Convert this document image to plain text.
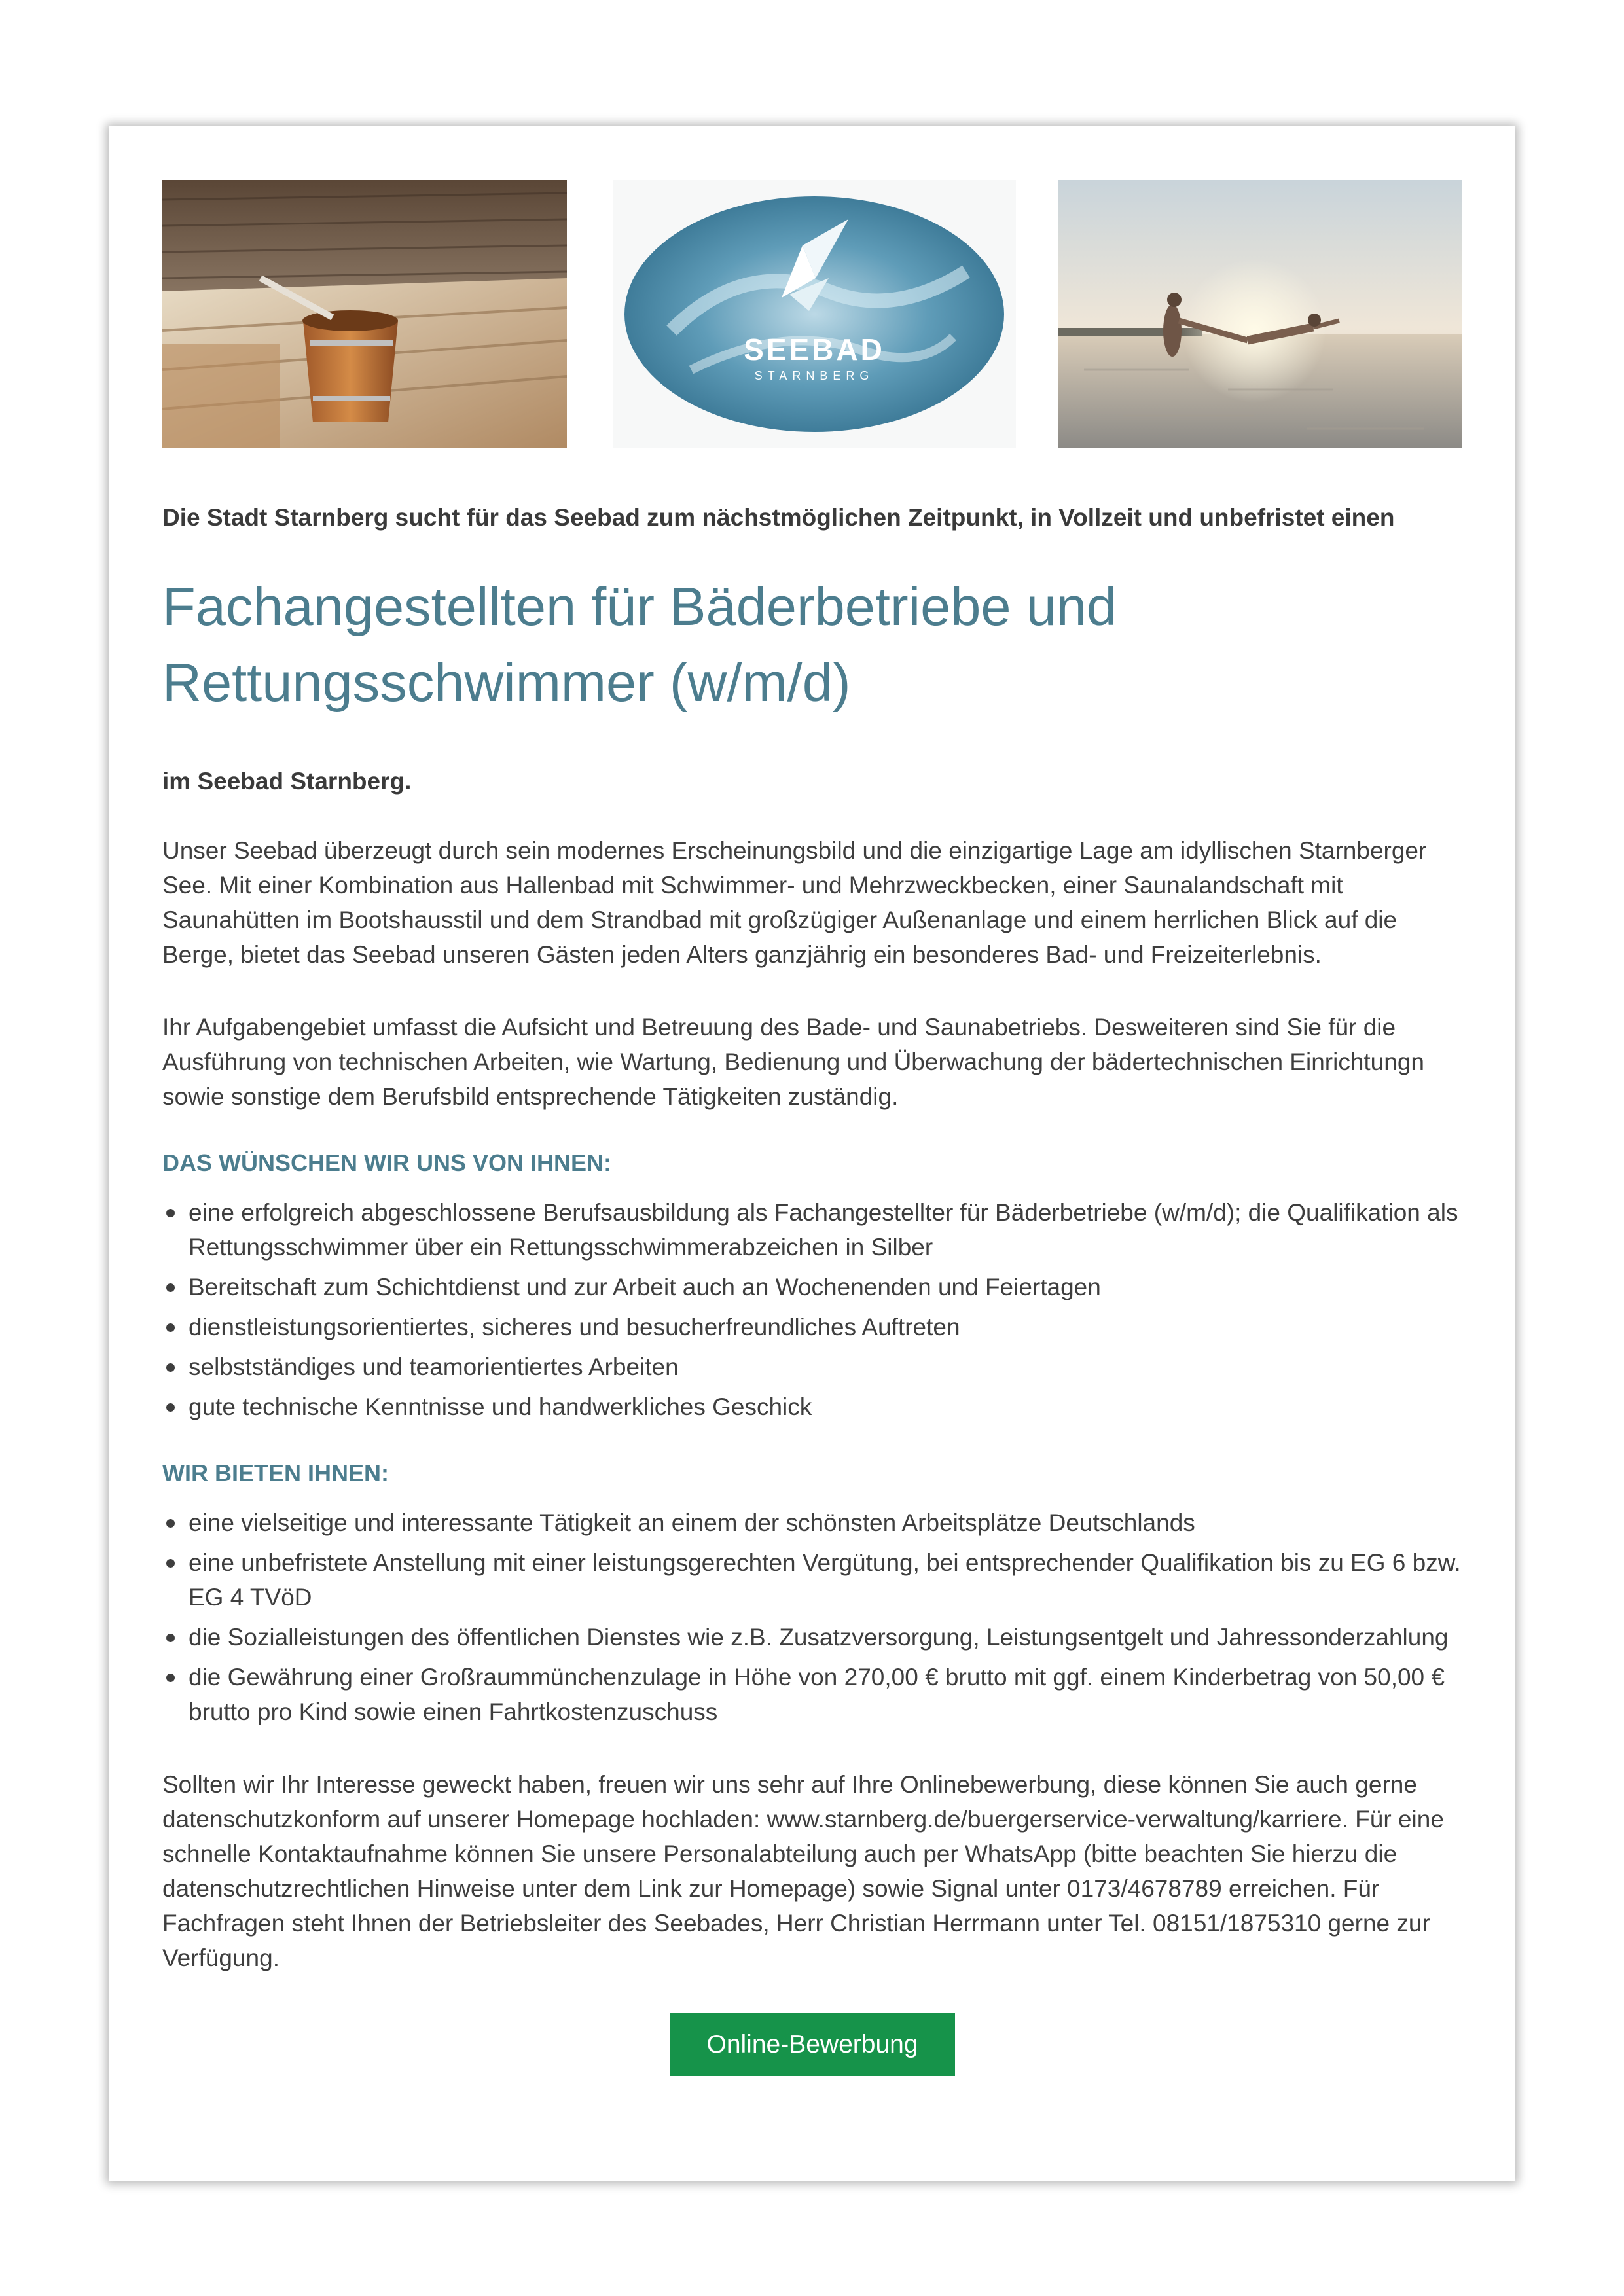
SEEBAD
STARNBERG
Die Stadt Starnberg sucht für das Seebad zum nächstmöglichen Zeitpunkt, in Vollzeit und unbefristet einen
Fachangestellten für Bäderbetriebe und
Rettungsschwimmer (w/m/d)
im Seebad Starnberg.
Unser Seebad überzeugt durch sein modernes Erscheinungsbild und die einzigartige Lage am idyllischen Starnberger See. Mit einer Kombination aus Hallenbad mit Schwimmer- und Mehrzweckbecken, einer Saunalandschaft mit Saunahütten im Bootshausstil und dem Strandbad mit großzügiger Außenanlage und einem herrlichen Blick auf die Berge, bietet das Seebad unseren Gästen jeden Alters ganzjährig ein besonderes Bad- und Freizeiterlebnis.
Ihr Aufgabengebiet umfasst die Aufsicht und Betreuung des Bade- und Saunabetriebs. Desweiteren sind Sie für die Ausführung von technischen Arbeiten, wie Wartung, Bedienung und Überwachung der bädertechnischen Einrichtungn sowie sonstige dem Berufsbild entsprechende Tätigkeiten zuständig.
DAS WÜNSCHEN WIR UNS VON IHNEN:
eine erfolgreich abgeschlossene Berufsausbildung als Fachangestellter für Bäderbetriebe (w/m/d); die Qualifikation als Rettungsschwimmer über ein Rettungsschwimmerabzeichen in Silber
Bereitschaft zum Schichtdienst und zur Arbeit auch an Wochenenden und Feiertagen
dienstleistungsorientiertes, sicheres und besucherfreundliches Auftreten
selbstständiges und teamorientiertes Arbeiten
gute technische Kenntnisse und handwerkliches Geschick
WIR BIETEN IHNEN:
eine vielseitige und interessante Tätigkeit an einem der schönsten Arbeitsplätze Deutschlands
eine unbefristete Anstellung mit einer leistungsgerechten Vergütung, bei entsprechender Qualifikation bis zu EG 6 bzw. EG 4 TVöD
die Sozialleistungen des öffentlichen Dienstes wie z.B. Zusatzversorgung, Leistungsentgelt und Jahressonderzahlung
die Gewährung einer Großraummünchenzulage in Höhe von 270,00 € brutto mit ggf. einem Kinderbetrag von 50,00 € brutto pro Kind sowie einen Fahrtkostenzuschuss
Sollten wir Ihr Interesse geweckt haben, freuen wir uns sehr auf Ihre Onlinebewerbung, diese können Sie auch gerne datenschutzkonform auf unserer Homepage hochladen: www.starnberg.de/buergerservice-verwaltung/karriere. Für eine schnelle Kontaktaufnahme können Sie unsere Personalabteilung auch per WhatsApp (bitte beachten Sie hierzu die datenschutzrechtlichen Hinweise unter dem Link zur Homepage) sowie Signal unter 0173/4678789 erreichen. Für Fachfragen steht Ihnen der Betriebsleiter des Seebades, Herr Christian Herrmann unter Tel. 08151/1875310 gerne zur Verfügung.
Online-Bewerbung
